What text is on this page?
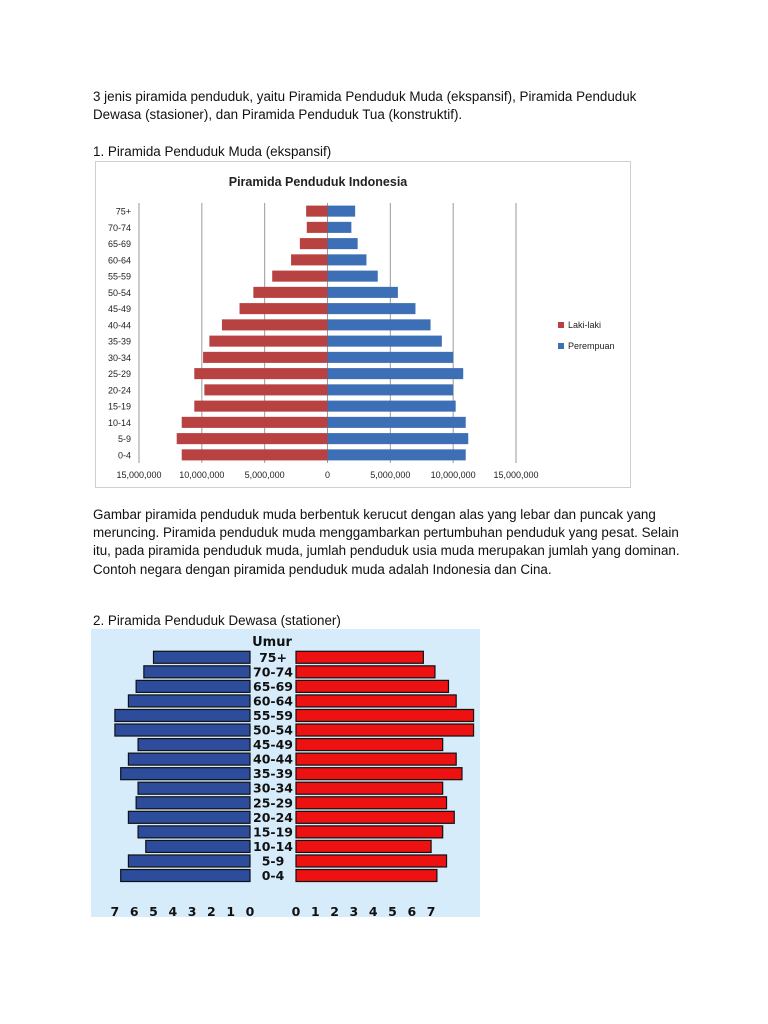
3 jenis piramida penduduk, yaitu Piramida Penduduk Muda (ekspansif), Piramida Penduduk Dewasa (stasioner), dan Piramida Penduduk Tua (konstruktif).

1. Piramida Penduduk Muda (ekspansif)

Piramida Penduduk Indonesia
75+
70-74
65-69
60-64
55-59
50-54
45-49
40-44
35-39
30-34
25-29
20-24
15-19
10-14
5-9
0-4
15,000,000 10,000,000 5,000,000	0	5,000,000 10,000,000 15,000,000
Laki-laki
Perempuan

Gambar piramida penduduk muda berbentuk kerucut dengan alas yang lebar dan puncak yang meruncing. Piramida penduduk muda menggambarkan pertumbuhan penduduk yang pesat. Selain itu, pada piramida penduduk muda, jumlah penduduk usia muda merupakan jumlah yang dominan. Contoh negara dengan piramida penduduk muda adalah Indonesia dan Cina.

2. Piramida Penduduk Dewasa (stationer)

Umur
75+
70-74
65-69
60-64
55-59
50-54
45-49
40-44
35-39
30-34
25-29
20-24
15-19
10-14
5-9
0-4
7 6 5 4 3 2 1 0	0 1 2 3 4 5 6 7
